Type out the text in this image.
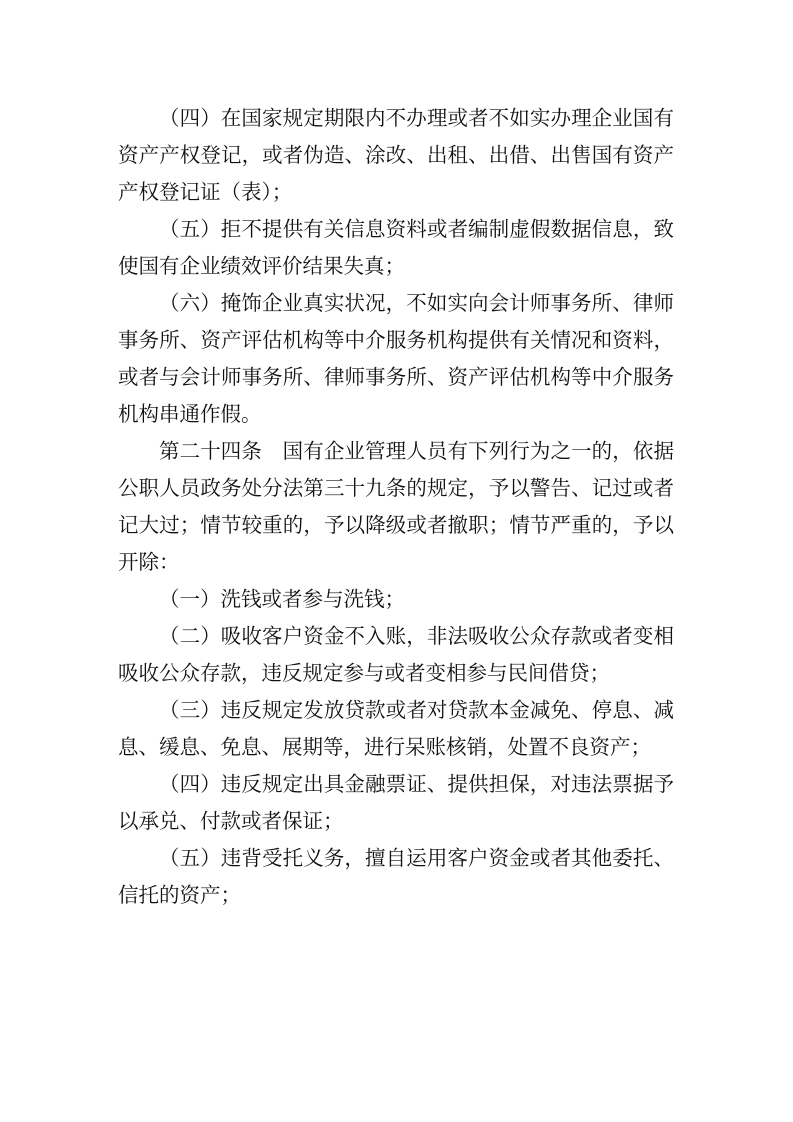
（四）在国家规定期限内不办理或者不如实办理企业国有资产产权登记，或者伪造、涂改、出租、出借、出售国有资产产权登记证（表）；

（五）拒不提供有关信息资料或者编制虚假数据信息，致使国有企业绩效评价结果失真；

（六）掩饰企业真实状况，不如实向会计师事务所、律师事务所、资产评估机构等中介服务机构提供有关情况和资料，或者与会计师事务所、律师事务所、资产评估机构等中介服务机构串通作假。

第二十四条　国有企业管理人员有下列行为之一的，依据公职人员政务处分法第三十九条的规定，予以警告、记过或者记大过；情节较重的，予以降级或者撤职；情节严重的，予以开除：

（一）洗钱或者参与洗钱；

（二）吸收客户资金不入账，非法吸收公众存款或者变相吸收公众存款，违反规定参与或者变相参与民间借贷；

（三）违反规定发放贷款或者对贷款本金减免、停息、减息、缓息、免息、展期等，进行呆账核销，处置不良资产；

（四）违反规定出具金融票证、提供担保，对违法票据予以承兑、付款或者保证；

（五）违背受托义务，擅自运用客户资金或者其他委托、信托的资产；
